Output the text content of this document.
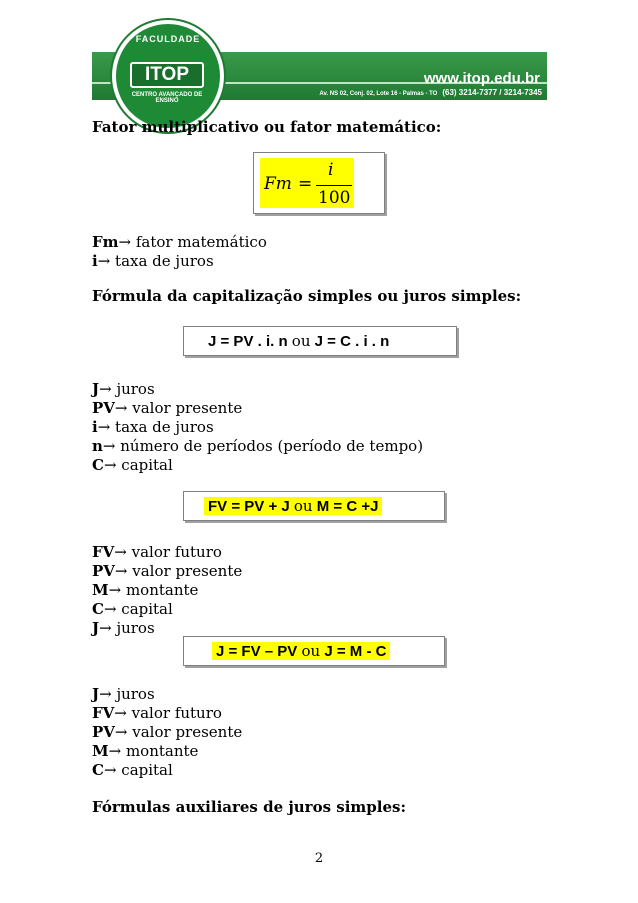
FACULDADE
ITOP
CENTRO AVANÇADO DE ENSINO
www.itop.edu.br
Av. NS 02, Conj. 02, Lote 16 - Palmas - TO (63) 3214-7377 / 3214-7345
Fator multiplicativo ou fator matemático:
Fm =
i
100
Fm→ fator matemático
i→ taxa de juros
Fórmula da capitalização simples ou juros simples:
J = PV . i. n ou J = C . i . n
J→ juros
PV→ valor presente
i→ taxa de juros
n→ número de períodos (período de tempo)
C→ capital
FV = PV + J ou M = C +J
FV→ valor futuro
PV→ valor presente
M→ montante
C→ capital
J→ juros
J = FV – PV ou J = M - C
J→ juros
FV→ valor futuro
PV→ valor presente
M→ montante
C→ capital
Fórmulas auxiliares de juros simples:
2
